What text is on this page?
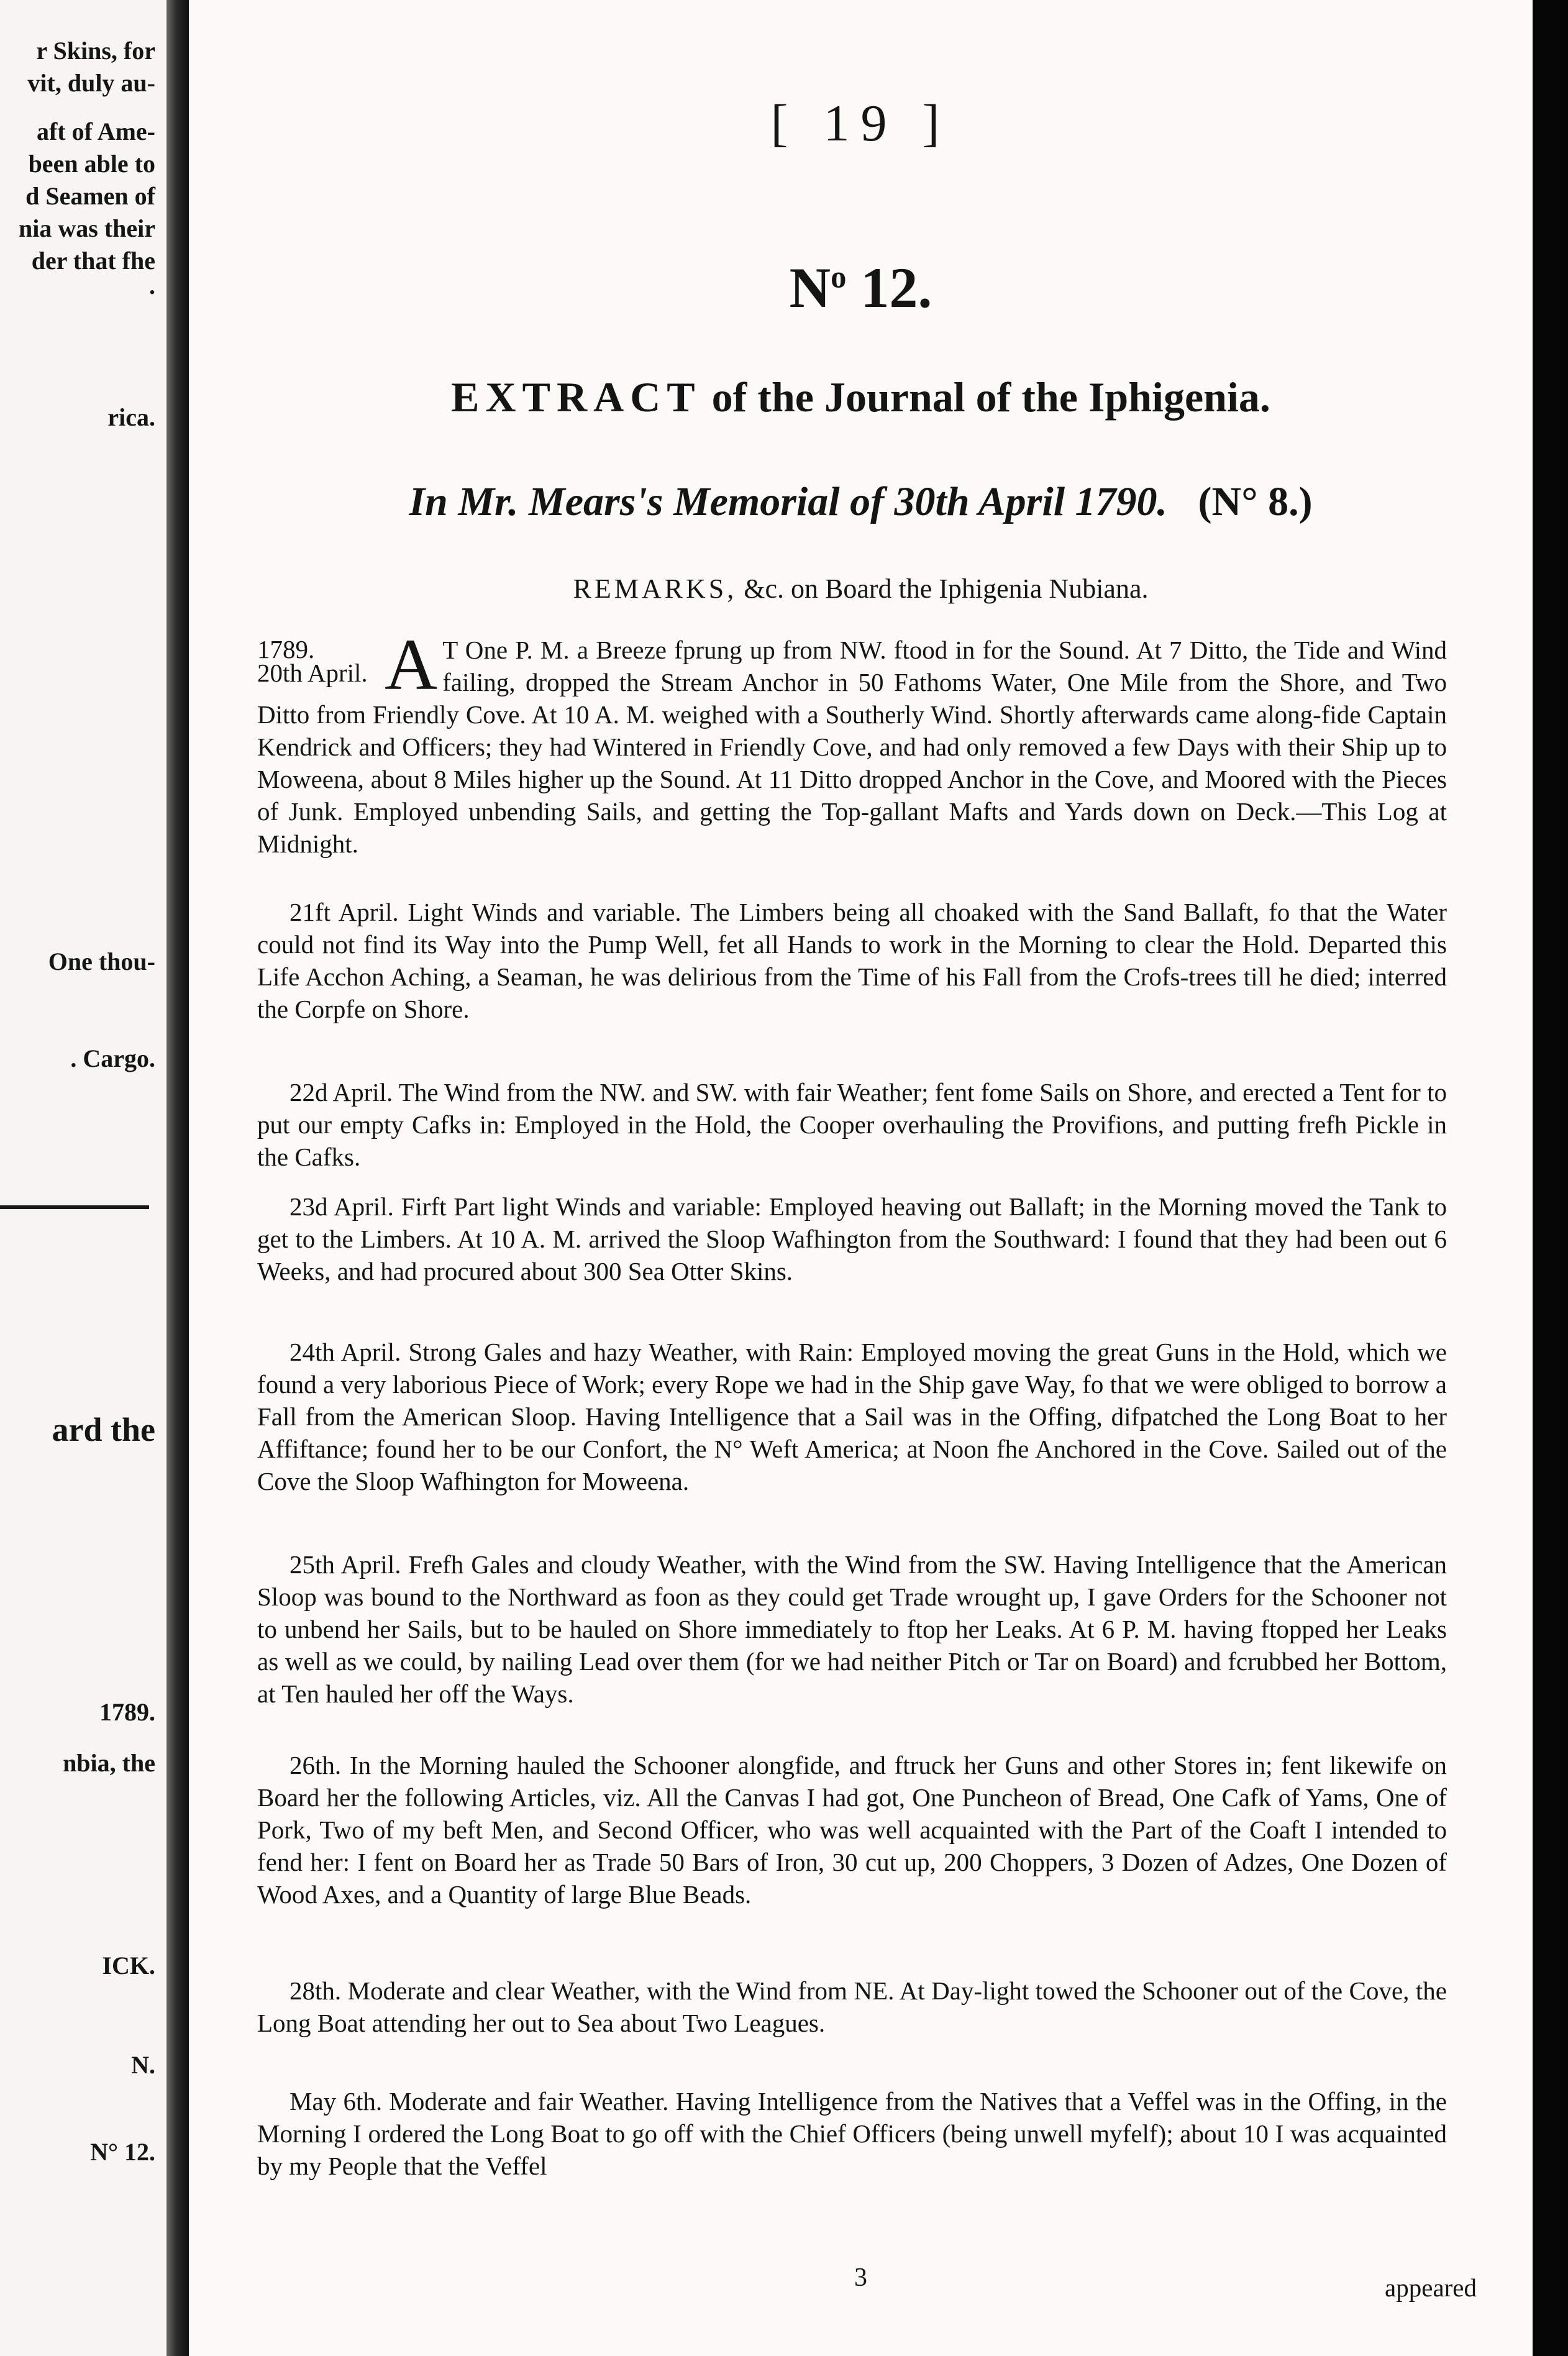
r Skins, for
vit, duly au-
aft of Ame-
been able to
d Seamen of
nia was their
der that fhe
.
rica.
One thou-
. Cargo.
ard the
1789.
nbia, the
ICK.
N.
N° 12.
[ 19 ]
$N^o$ 12.
EXTRACT of the Journal of the Iphigenia.
In Mr. Mears's Memorial of 30th April 1790. (N° 8.)
REMARKS, &c. on Board the Iphigenia Nubiana.

1789.
20th April. A T One P. M. a Breeze fprung up from NW. ftood in for the Sound. At 7 Ditto, the Tide and Wind failing, dropped the Stream Anchor in 50 Fathoms Water, One Mile from the Shore, and Two Ditto from Friendly Cove. At 10 A. M. weighed with a Southerly Wind. Shortly afterwards came along-fide Captain Kendrick and Officers; they had Wintered in Friendly Cove, and had only removed a few Days with their Ship up to Moweena, about 8 Miles higher up the Sound. At 11 Ditto dropped Anchor in the Cove, and Moored with the Pieces of Junk. Employed unbending Sails, and getting the Top-gallant Mafts and Yards down on Deck.—This Log at Midnight.

21ft April. Light Winds and variable. The Limbers being all choaked with the Sand Ballaft, fo that the Water could not find its Way into the Pump Well, fet all Hands to work in the Morning to clear the Hold. Departed this Life Acchon Aching, a Seaman, he was delirious from the Time of his Fall from the Crofs-trees till he died; interred the Corpfe on Shore.

22d April. The Wind from the NW. and SW. with fair Weather; fent fome Sails on Shore, and erected a Tent for to put our empty Cafks in: Employed in the Hold, the Cooper overhauling the Provifions, and putting frefh Pickle in the Cafks.

23d April. Firft Part light Winds and variable: Employed heaving out Ballaft; in the Morning moved the Tank to get to the Limbers. At 10 A. M. arrived the Sloop Wafhington from the Southward: I found that they had been out 6 Weeks, and had procured about 300 Sea Otter Skins.

24th April. Strong Gales and hazy Weather, with Rain: Employed moving the great Guns in the Hold, which we found a very laborious Piece of Work; every Rope we had in the Ship gave Way, fo that we were obliged to borrow a Fall from the American Sloop. Having Intelligence that a Sail was in the Offing, difpatched the Long Boat to her Affiftance; found her to be our Confort, the N° Weft America; at Noon fhe Anchored in the Cove. Sailed out of the Cove the Sloop Wafhington for Moweena.

25th April. Frefh Gales and cloudy Weather, with the Wind from the SW. Having Intelligence that the American Sloop was bound to the Northward as foon as they could get Trade wrought up, I gave Orders for the Schooner not to unbend her Sails, but to be hauled on Shore immediately to ftop her Leaks. At 6 P. M. having ftopped her Leaks as well as we could, by nailing Lead over them (for we had neither Pitch or Tar on Board) and fcrubbed her Bottom, at Ten hauled her off the Ways.

26th. In the Morning hauled the Schooner alongfide, and ftruck her Guns and other Stores in; fent likewife on Board her the following Articles, viz. All the Canvas I had got, One Puncheon of Bread, One Cafk of Yams, One of Pork, Two of my beft Men, and Second Officer, who was well acquainted with the Part of the Coaft I intended to fend her: I fent on Board her as Trade 50 Bars of Iron, 30 cut up, 200 Choppers, 3 Dozen of Adzes, One Dozen of Wood Axes, and a Quantity of large Blue Beads.

28th. Moderate and clear Weather, with the Wind from NE. At Day-light towed the Schooner out of the Cove, the Long Boat attending her out to Sea about Two Leagues.

May 6th. Moderate and fair Weather. Having Intelligence from the Natives that a Veffel was in the Offing, in the Morning I ordered the Long Boat to go off with the Chief Officers (being unwell myfelf); about 10 I was acquainted by my People that the Veffel

3	appeared
